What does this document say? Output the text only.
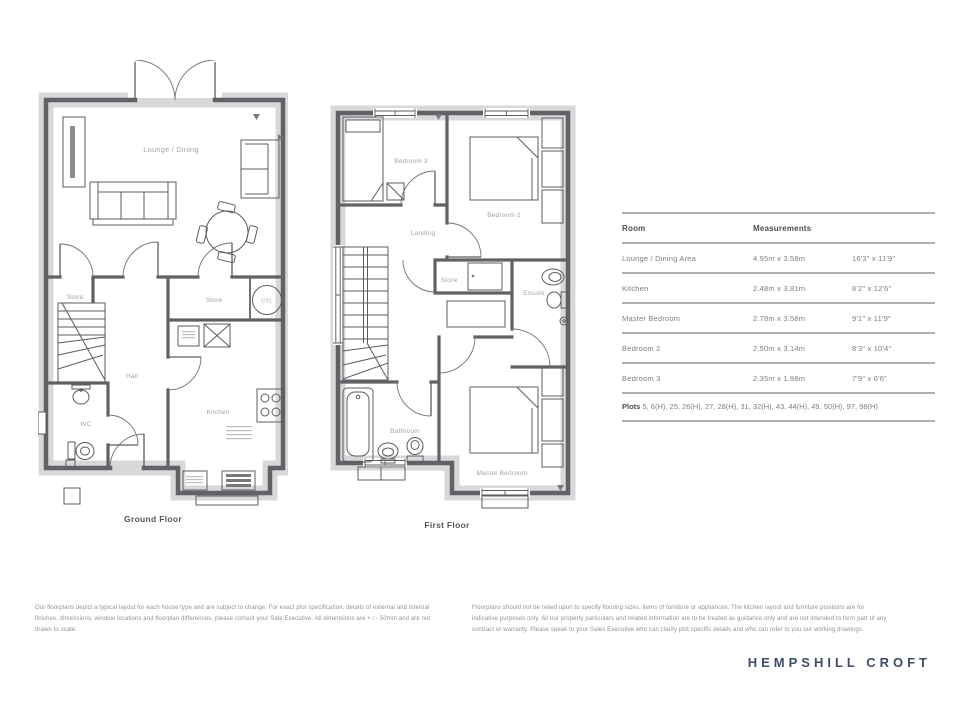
Lounge / Dining
Store	Store	CYL
Hall
WC
Kitchen
Ground Floor
Bedroom 3
Bedroom 2
Landing
Store
Ensuite
Bathroom
Master Bedroom
First Floor
Room	Measurements
Lounge / Dining Area	4.95m x 3.58m	16'3" x 11'9"
Kitchen	2.48m x 3.81m	8'2" x 12'6"
Master Bedroom	2.78m x 3.58m	9'1" x 11'9"
Bedroom 2	2.50m x 3.14m	8'3" x 10'4"
Bedroom 3	2.35m x 1.98m	7'9" x 6'6"
Plots 5, 6(H), 25, 26(H), 27, 28(H), 31, 32(H), 43, 44(H), 49, 50(H), 97, 98(H)
Our floorplans depict a typical layout for each house type and are subject to change. For exact plot specification, details of external and internal finishes, dimensions, window locations and floorplan differences, please consult your Sale Executive. All dimensions are + / - 50mm and are not drawn to scale.
Floorplans should not be relied upon to specify flooring sizes, items of furniture or appliances. The kitchen layout and furniture positions are for indicative purposes only. All our property particulars and related information are to be treated as guidance only and are not intended to form part of any contract or warranty. Please speak to your Sales Executive who can clarify plot specific details and who can refer to you our working drawings.
HEMPSHILL CROFT
